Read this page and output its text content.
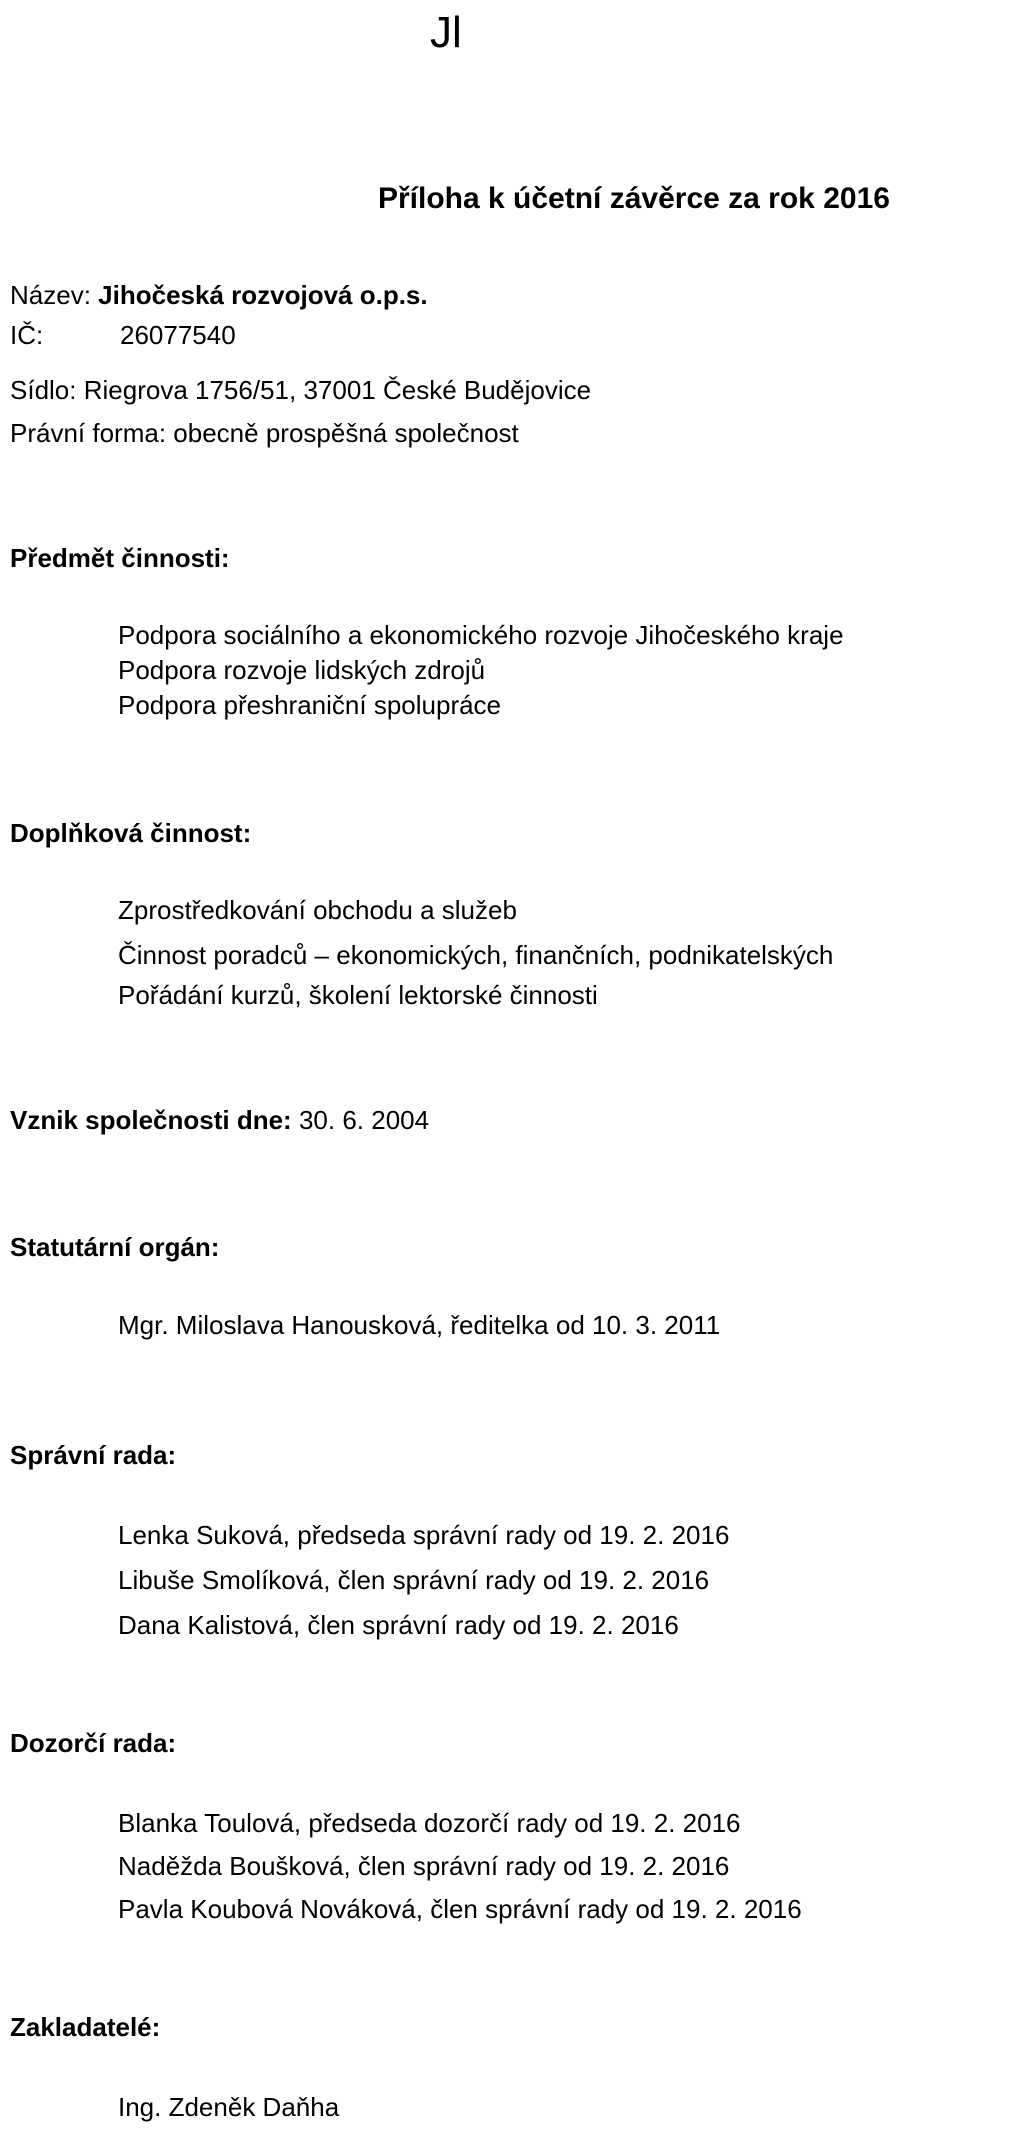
Jl
Příloha k účetní závěrce za rok 2016
Název: Jihočeská rozvojová o.p.s.
IČ:	26077540
Sídlo: Riegrova 1756/51, 37001 České Budějovice
Právní forma: obecně prospěšná společnost
Předmět činnosti:
Podpora sociálního a ekonomického rozvoje Jihočeského kraje
Podpora rozvoje lidských zdrojů
Podpora přeshraniční spolupráce
Doplňková činnost:
Zprostředkování obchodu a služeb
Činnost poradců – ekonomických, finančních, podnikatelských
Pořádání kurzů, školení lektorské činnosti
Vznik společnosti dne: 30. 6. 2004
Statutární orgán:
Mgr. Miloslava Hanousková, ředitelka od 10. 3. 2011
Správní rada:
Lenka Suková, předseda správní rady od 19. 2. 2016
Libuše Smolíková, člen správní rady od 19. 2. 2016
Dana Kalistová, člen správní rady od 19. 2. 2016
Dozorčí rada:
Blanka Toulová, předseda dozorčí rady od 19. 2. 2016
Naděžda Boušková, člen správní rady od 19. 2. 2016
Pavla Koubová Nováková, člen správní rady od 19. 2. 2016
Zakladatelé:
Ing. Zdeněk Daňha
